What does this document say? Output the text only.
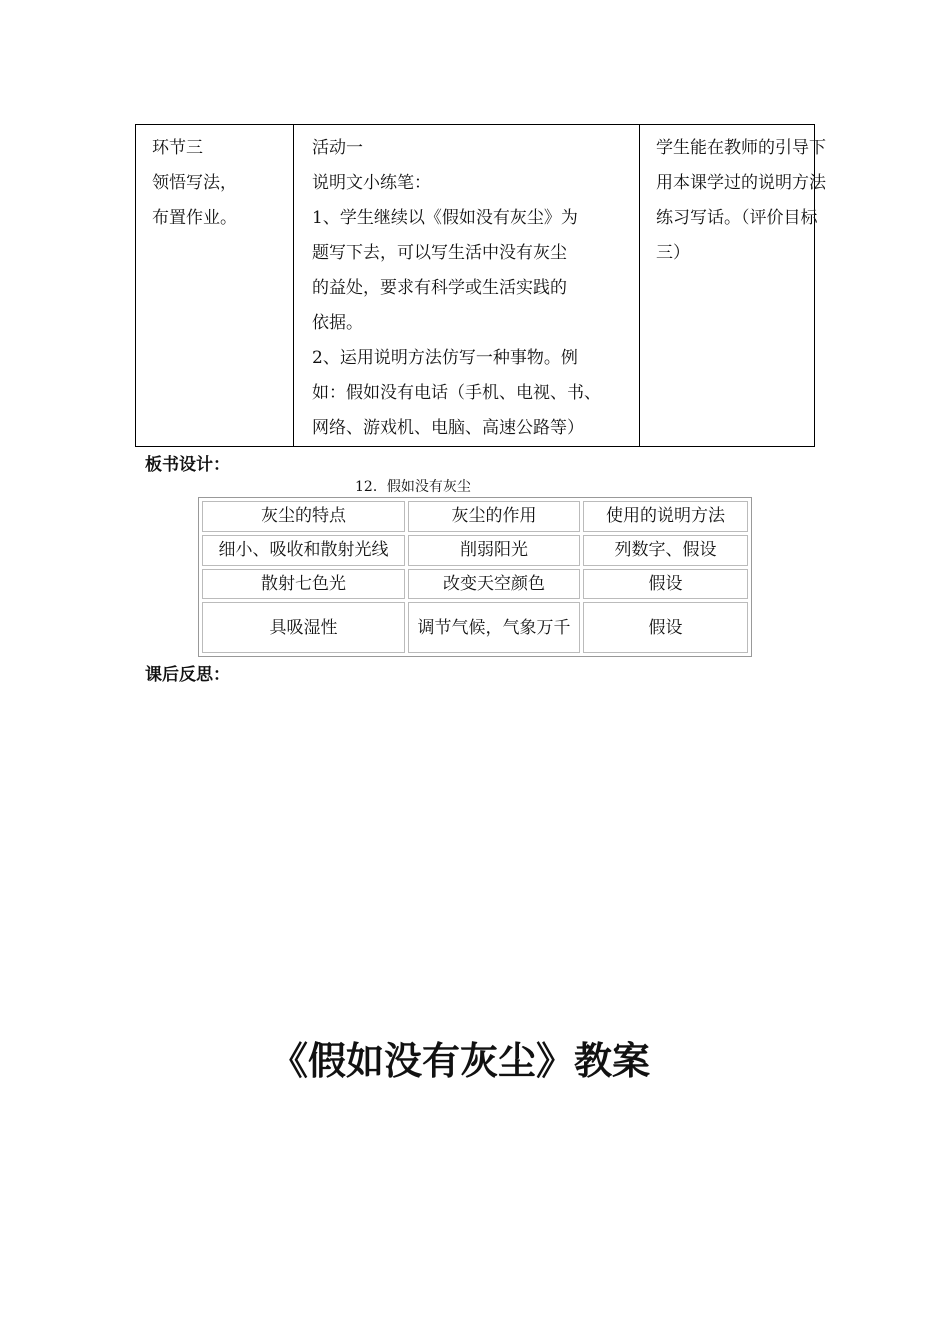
环节三
领悟写法，
布置作业。

活动一
说明文小练笔：
1、学生继续以《假如没有灰尘》为
题写下去，可以写生活中没有灰尘
的益处，要求有科学或生活实践的
依据。
2、运用说明方法仿写一种事物。例
如：假如没有电话（手机、电视、书、
网络、游戏机、电脑、高速公路等）

学生能在教师的引导下
用本课学过的说明方法
练习写话。（评价目标
三）
板书设计：
12．假如没有灰尘
灰尘的特点	灰尘的作用	使用的说明方法
细小、吸收和散射光线	削弱阳光	列数字、假设
散射七色光	改变天空颜色	假设
具吸湿性	调节气候，气象万千	假设
课后反思：
《假如没有灰尘》教案
